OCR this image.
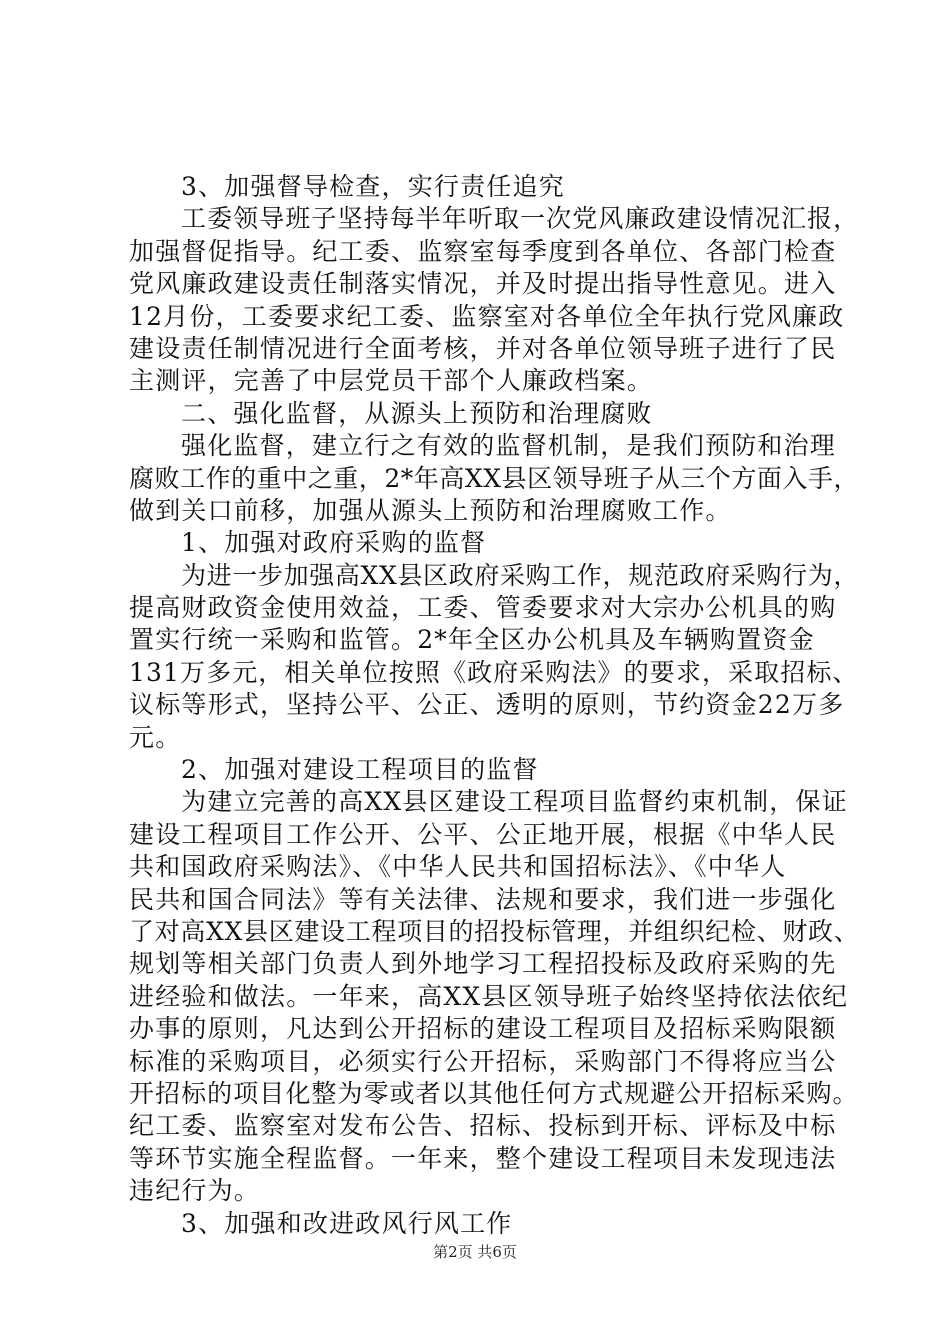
3、加强督导检查，实行责任追究
工委领导班子坚持每半年听取一次党风廉政建设情况汇报，
加强督促指导。纪工委、监察室每季度到各单位、各部门检查
党风廉政建设责任制落实情况，并及时提出指导性意见。进入
12月份，工委要求纪工委、监察室对各单位全年执行党风廉政
建设责任制情况进行全面考核，并对各单位领导班子进行了民
主测评，完善了中层党员干部个人廉政档案。
二、强化监督，从源头上预防和治理腐败
强化监督，建立行之有效的监督机制，是我们预防和治理
腐败工作的重中之重，2*年高XX县区领导班子从三个方面入手，
做到关口前移，加强从源头上预防和治理腐败工作。
1、加强对政府采购的监督
为进一步加强高XX县区政府采购工作，规范政府采购行为，
提高财政资金使用效益，工委、管委要求对大宗办公机具的购
置实行统一采购和监管。2*年全区办公机具及车辆购置资金
131万多元，相关单位按照《政府采购法》的要求，采取招标、
议标等形式，坚持公平、公正、透明的原则，节约资金22万多
元。
2、加强对建设工程项目的监督
为建立完善的高XX县区建设工程项目监督约束机制，保证
建设工程项目工作公开、公平、公正地开展，根据《中华人民
共和国政府采购法》、《中华人民共和国招标法》、《中华人
民共和国合同法》等有关法律、法规和要求，我们进一步强化
了对高XX县区建设工程项目的招投标管理，并组织纪检、财政、
规划等相关部门负责人到外地学习工程招投标及政府采购的先
进经验和做法。一年来，高XX县区领导班子始终坚持依法依纪
办事的原则，凡达到公开招标的建设工程项目及招标采购限额
标准的采购项目，必须实行公开招标，采购部门不得将应当公
开招标的项目化整为零或者以其他任何方式规避公开招标采购。
纪工委、监察室对发布公告、招标、投标到开标、评标及中标
等环节实施全程监督。一年来，整个建设工程项目未发现违法
违纪行为。
3、加强和改进政风行风工作
第2页 共6页
